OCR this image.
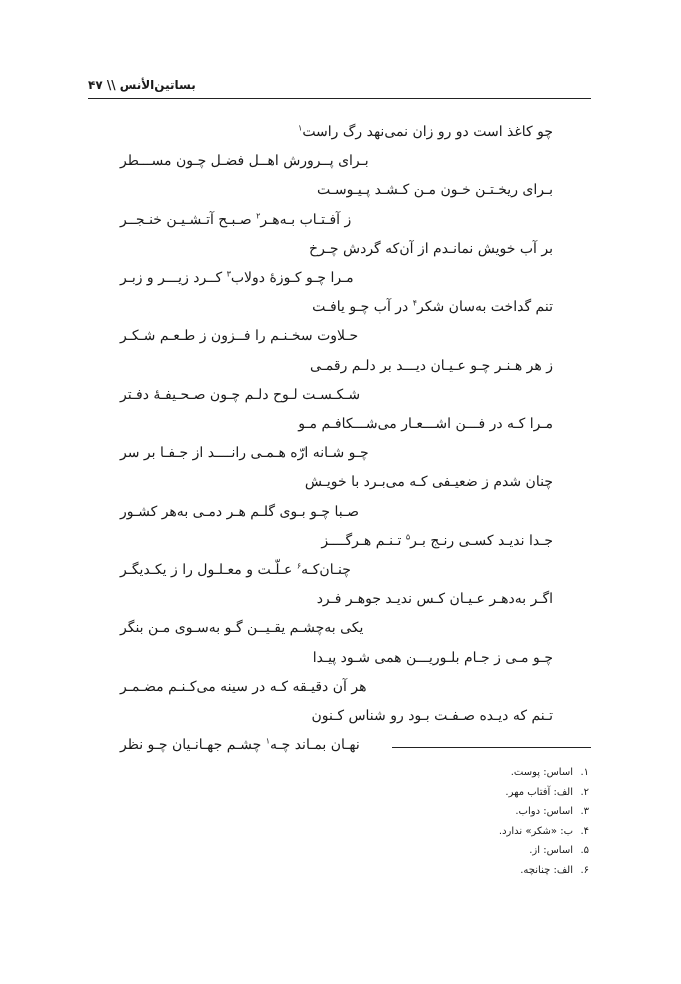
بساتین‌الأنس \\ ۴۷
چو کاغذ است دو رو زان نمی‌نهد رگ راست$^۱$
بـرای پــرورش اهــل فضـل چـون مســـطر
بـرای ریخـتـن خـون مـن کـشـد پـیـوسـت
ز آفـتـاب بـه‌هـر$^۲$ صـبـح آتـشـیـن خنـجــر
بر آب خویش نمانـدم از آن‌که گردش چـرخ
مـرا چـو کـوزهٔ دولاب$^۳$ کــرد زیـــر و زبـر
تنم گداخت به‌سان شکر$^۴$ در آب چـو یافـت
حـلاوت سخـنـم را فــزون ز طـعـم شـکـر
ز هر هـنـر چـو عـیـان دیـــد بر دلـم رقمـی
شـکـسـت لـوح دلـم چـون صـحـیفـهٔ دفـتر
مـرا کـه در فـــن اشـــعـار می‌شـــکافـم مـو
چـو شـانه ارّه هـمـی رانــــد از جـفـا بر سر
چنان شدم ز ضعیـفی کـه می‌بـرد با خویـش
صـبا چـو بـوی گلـم هـر دمـی به‌هر کشـور
جـدا ندیـد کسـی رنـج بـر$^۵$ تـنـم هـرگــــز
چنـان‌کـه$^۶$ عـلّـت و معـلـول را ز یکـدیگـر
اگـر به‌دهـر عـیـان کـس ندیـد جوهـر فـرد
یکی به‌چشـم یقـیــن گـو به‌سـوی مـن بنگر
چـو مـی ز جـام بلـوریـــن همی شـود پیـدا
هر آن دقیـقه کـه در سینه می‌کـنـم مضـمـر
تـنم که دیـده صـفـت بـود رو شناس کـنون
نهـان بمـاند چـه$^۱$ چشـم جهـانـیان چـو نظر
۱.اساس: پوست.
۲.الف: آفتاب مهر.
۳.اساس: دواب.
۴.ب: «شکر» ندارد.
۵.اساس: از.
۶.الف: چنانچه.
